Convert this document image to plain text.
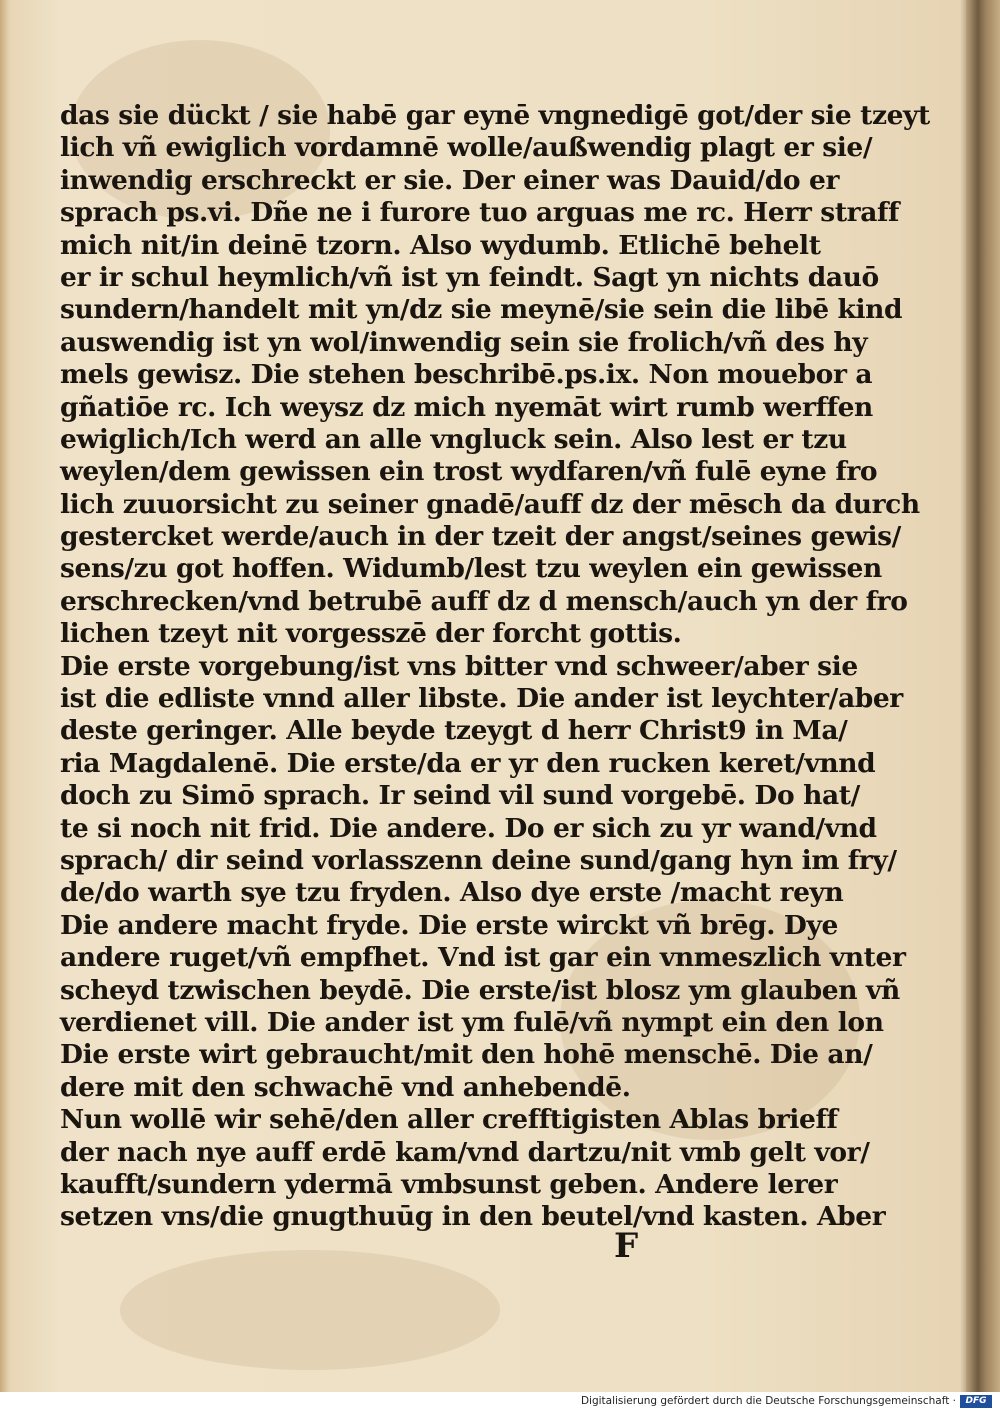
das sie dückt / sie habē gar eynē vngnedigē got/der sie tzeyt
lich vñ ewiglich vordamnē wolle/außwendig plagt er sie/
inwendig erschreckt er sie. Der einer was Dauid/do er
sprach ps.vi. Dñe ne i furore tuo arguas me rc. Herr straff
mich nit/in deinē tzorn. Also wydumb. Etlichē behelt
er ir schul heymlich/vñ ist yn feindt. Sagt yn nichts dauō
sundern/handelt mit yn/dz sie meynē/sie sein die libē kind
auswendig ist yn wol/inwendig sein sie frolich/vñ des hy
mels gewisz. Die stehen beschribē.ps.ix. Non mouebor a
gñatiōe rc. Ich weysz dz mich nyemāt wirt rumb werffen
ewiglich/Ich werd an alle vngluck sein. Also lest er tzu
weylen/dem gewissen ein trost wydfaren/vñ fulē eyne fro
lich zuuorsicht zu seiner gnadē/auff dz der mēsch da durch
gestercket werde/auch in der tzeit der angst/seines gewis/
sens/zu got hoffen. Widumb/lest tzu weylen ein gewissen
erschrecken/vnd betrubē auff dz d mensch/auch yn der fro
lichen tzeyt nit vorgesszē der forcht gottis.
Die erste vorgebung/ist vns bitter vnd schweer/aber sie
ist die edliste vnnd aller libste. Die ander ist leychter/aber
deste geringer. Alle beyde tzeygt d herr Christ9 in Ma/
ria Magdalenē. Die erste/da er yr den rucken keret/vnnd
doch zu Simō sprach. Ir seind vil sund vorgebē. Do hat/
te si noch nit frid. Die andere. Do er sich zu yr wand/vnd
sprach/ dir seind vorlasszenn deine sund/gang hyn im fry/
de/do warth sye tzu fryden. Also dye erste /macht reyn
Die andere macht fryde. Die erste wirckt vñ brēg. Dye
andere ruget/vñ empfhet. Vnd ist gar ein vnmeszlich vnter
scheyd tzwischen beydē. Die erste/ist blosz ym glauben vñ
verdienet vill. Die ander ist ym fulē/vñ nympt ein den lon
Die erste wirt gebraucht/mit den hohē menschē. Die an/
dere mit den schwachē vnd anhebendē.
Nun wollē wir sehē/den aller crefftigisten Ablas brieff
der nach nye auff erdē kam/vnd dartzu/nit vmb gelt vor/
kaufft/sundern ydermā vmbsunst geben. Andere lerer
setzen vns/die gnugthuūg in den beutel/vnd kasten. Aber
F
Digitalisierung gefördert durch die Deutsche Forschungsgemeinschaft ·	DFG
